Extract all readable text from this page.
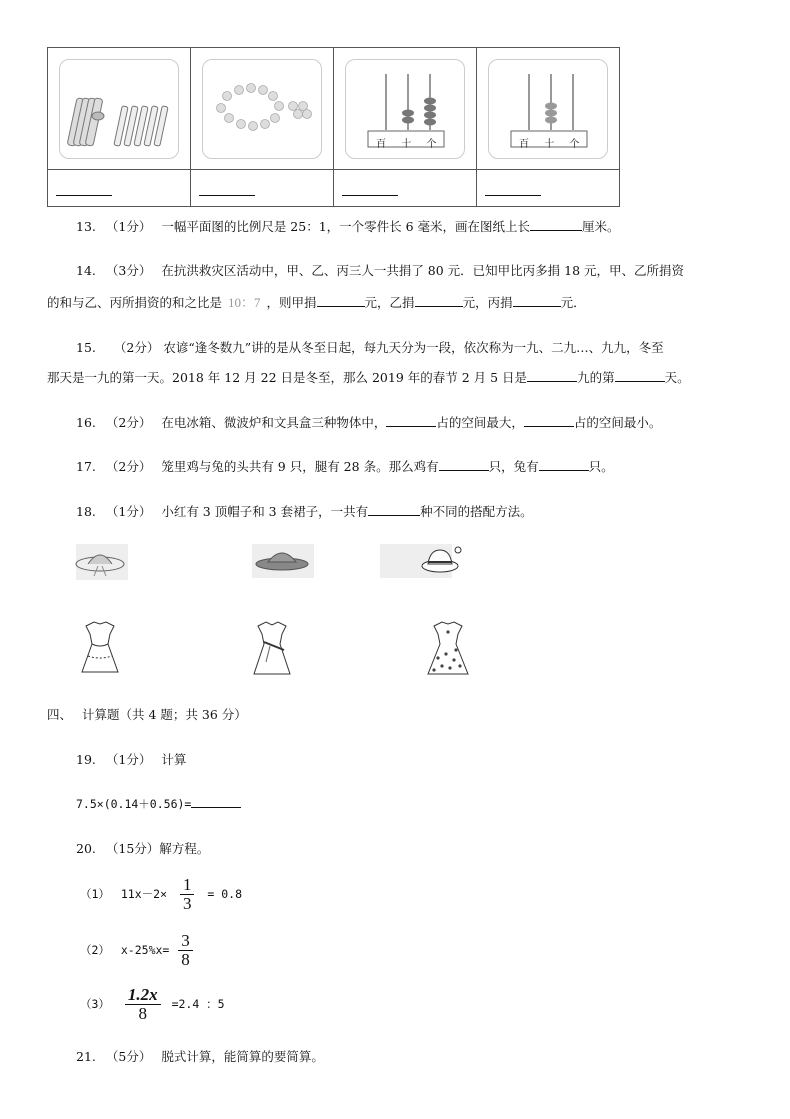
百 十 个	百 十 个

13. （1分） 一幅平面图的比例尺是 25：1，一个零件长 6 毫米，画在图纸上长	厘米。
14. （3分） 在抗洪救灾区活动中，甲、乙、丙三人一共捐了 80 元．已知甲比丙多捐 18 元，甲、乙所捐资
的和与乙、丙所捐资的和之比是 10：7 ，则甲捐	元，乙捐	元，丙捐	元．
15. （2分） 农谚“逢冬数九”讲的是从冬至日起，每九天分为一段，依次称为一九、二九…、九九，冬至
那天是一九的第一天。2018 年 12 月 22 日是冬至，那么 2019 年的春节 2 月 5 日是	九的第	天。
16. （2分） 在电冰箱、微波炉和文具盒三种物体中，	占的空间最大，	占的空间最小。
17. （2分） 笼里鸡与兔的头共有 9 只，腿有 28 条。那么鸡有	只，兔有	只。
18. （1分） 小红有 3 顶帽子和 3 套裙子，一共有	种不同的搭配方法。
四、 计算题（共 4 题；共 36 分）
19. （1分） 计算
7.5×(0.14＋0.56)=
20. （15分）解方程。
（1） $11x-2\times \frac{1}{3} = 0.8$
（2） $x-25\%x= \frac{3}{8}$
$(3) \frac{1.2x}{8} =2.4$ ：5
21. （5分） 脱式计算，能简算的要简算。
